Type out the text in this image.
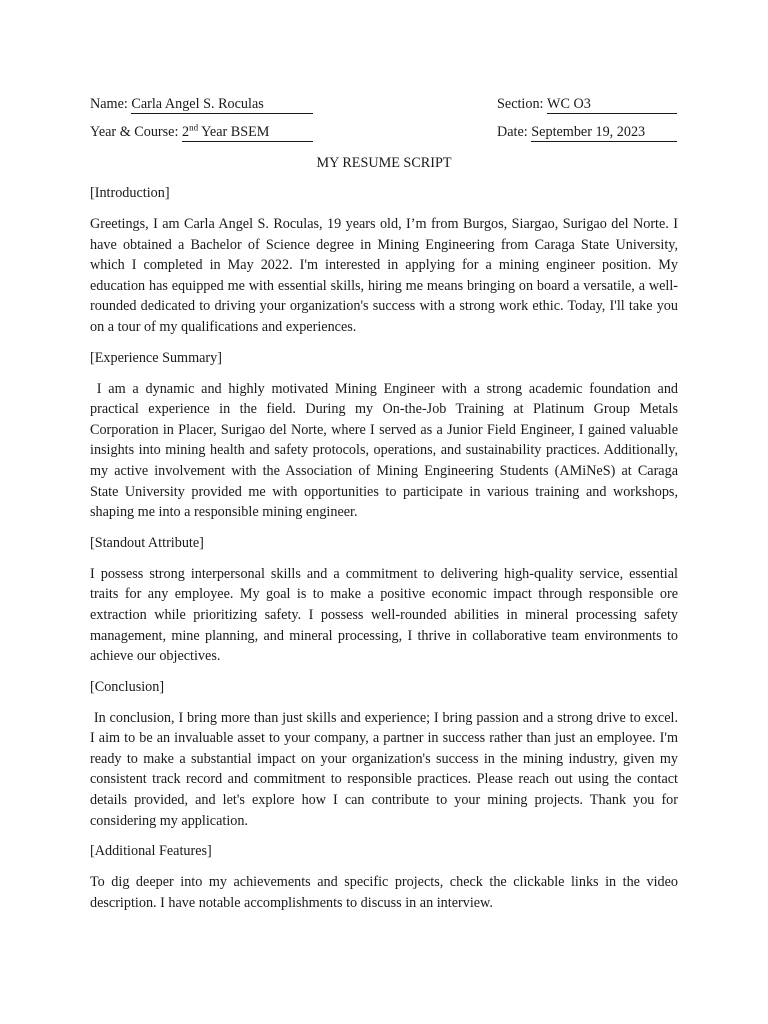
Name: Carla Angel S. Roculas	Section: WC O3
Year & Course: 2nd Year BSEM	Date: September 19, 2023
MY RESUME SCRIPT
[Introduction]
Greetings, I am Carla Angel S. Roculas, 19 years old, I’m from Burgos, Siargao, Surigao del Norte. I have obtained a Bachelor of Science degree in Mining Engineering from Caraga State University, which I completed in May 2022. I'm interested in applying for a mining engineer position. My education has equipped me with essential skills, hiring me means bringing on board a versatile, a well-rounded dedicated to driving your organization's success with a strong work ethic. Today, I'll take you on a tour of my qualifications and experiences.
[Experience Summary]
I am a dynamic and highly motivated Mining Engineer with a strong academic foundation and practical experience in the field. During my On-the-Job Training at Platinum Group Metals Corporation in Placer, Surigao del Norte, where I served as a Junior Field Engineer, I gained valuable insights into mining health and safety protocols, operations, and sustainability practices. Additionally, my active involvement with the Association of Mining Engineering Students (AMiNeS) at Caraga State University provided me with opportunities to participate in various training and workshops, shaping me into a responsible mining engineer.
[Standout Attribute]
I possess strong interpersonal skills and a commitment to delivering high-quality service, essential traits for any employee. My goal is to make a positive economic impact through responsible ore extraction while prioritizing safety. I possess well-rounded abilities in mineral processing safety management, mine planning, and mineral processing, I thrive in collaborative team environments to achieve our objectives.
[Conclusion]
In conclusion, I bring more than just skills and experience; I bring passion and a strong drive to excel. I aim to be an invaluable asset to your company, a partner in success rather than just an employee. I'm ready to make a substantial impact on your organization's success in the mining industry, given my consistent track record and commitment to responsible practices. Please reach out using the contact details provided, and let's explore how I can contribute to your mining projects. Thank you for considering my application.
[Additional Features]
To dig deeper into my achievements and specific projects, check the clickable links in the video description. I have notable accomplishments to discuss in an interview.
